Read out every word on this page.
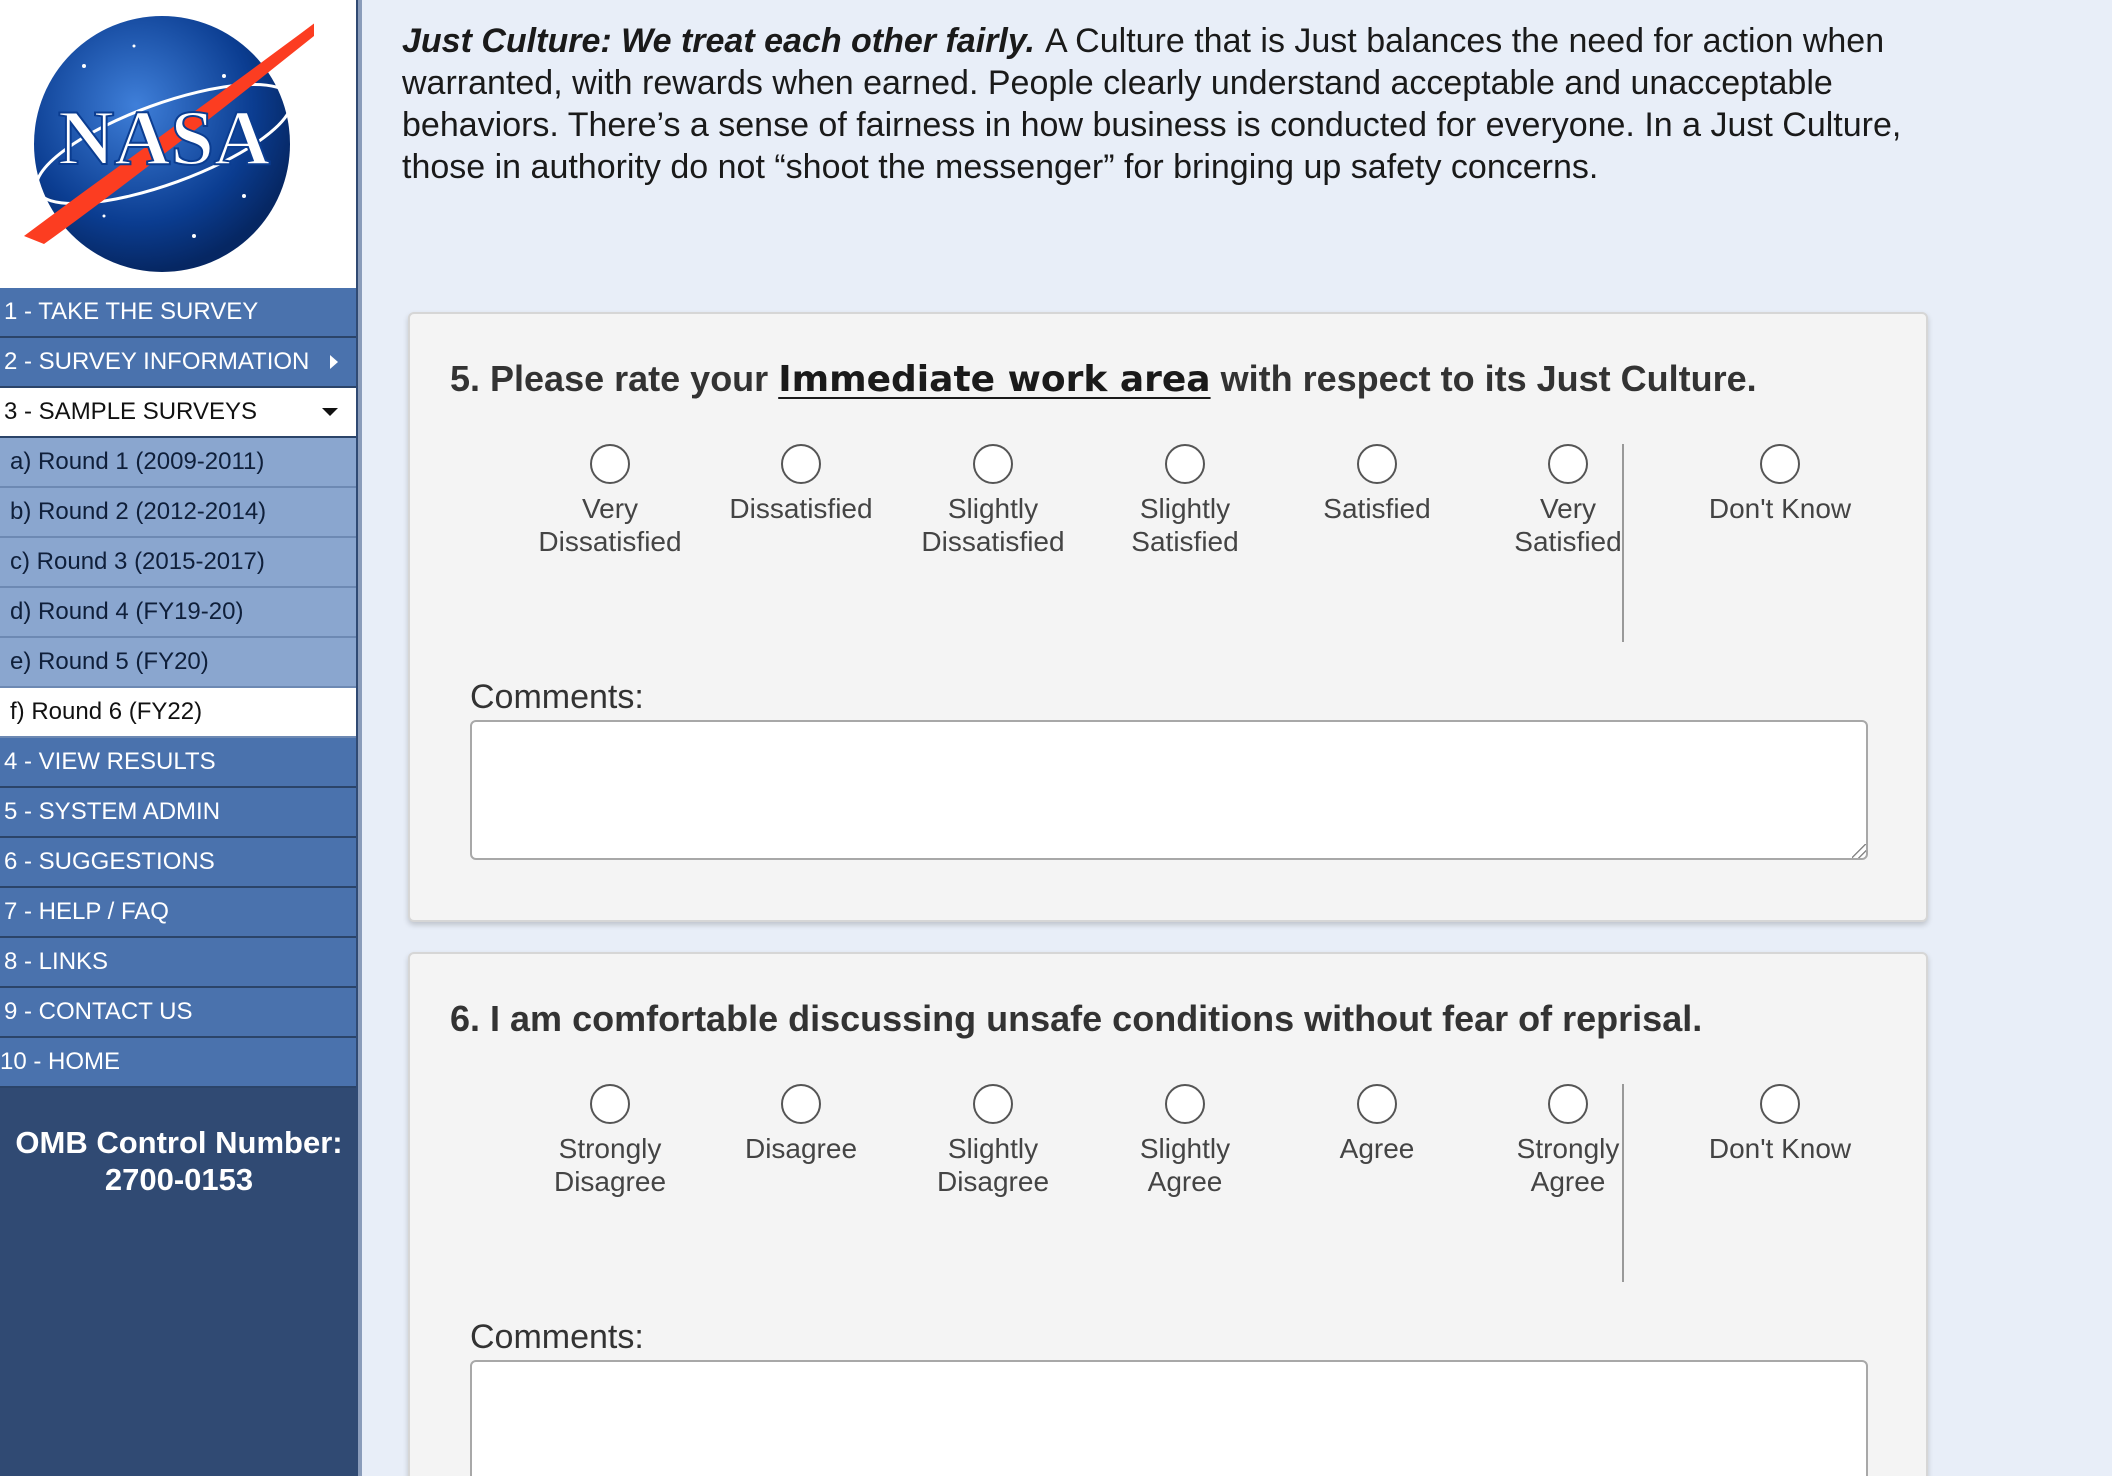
NASA
1 - TAKE THE SURVEY
2 - SURVEY INFORMATION
3 - SAMPLE SURVEYS
a) Round 1 (2009-2011)
b) Round 2 (2012-2014)
c) Round 3 (2015-2017)
d) Round 4 (FY19-20)
e) Round 5 (FY20)
f) Round 6 (FY22)
4 - VIEW RESULTS
5 - SYSTEM ADMIN
6 - SUGGESTIONS
7 - HELP / FAQ
8 - LINKS
9 - CONTACT US
10 - HOME
OMB Control Number:
2700-0153
Just Culture: We treat each other fairly. A Culture that is Just balances the need for action when warranted, with rewards when earned. People clearly understand acceptable and unacceptable behaviors. There’s a sense of fairness in how business is conducted for everyone. In a Just Culture, those in authority do not “shoot the messenger” for bringing up safety concerns.
5. Please rate your Immediate work area with respect to its Just Culture.
Very
Dissatisfied
Dissatisfied	Slightly
Dissatisfied
Slightly
Satisfied
Satisfied	Very
Satisfied
Don't Know
Comments:
6. I am comfortable discussing unsafe conditions without fear of reprisal.
Strongly
Disagree
Disagree	Slightly
Disagree
Slightly
Agree
Agree	Strongly
Agree
Don't Know
Comments:
